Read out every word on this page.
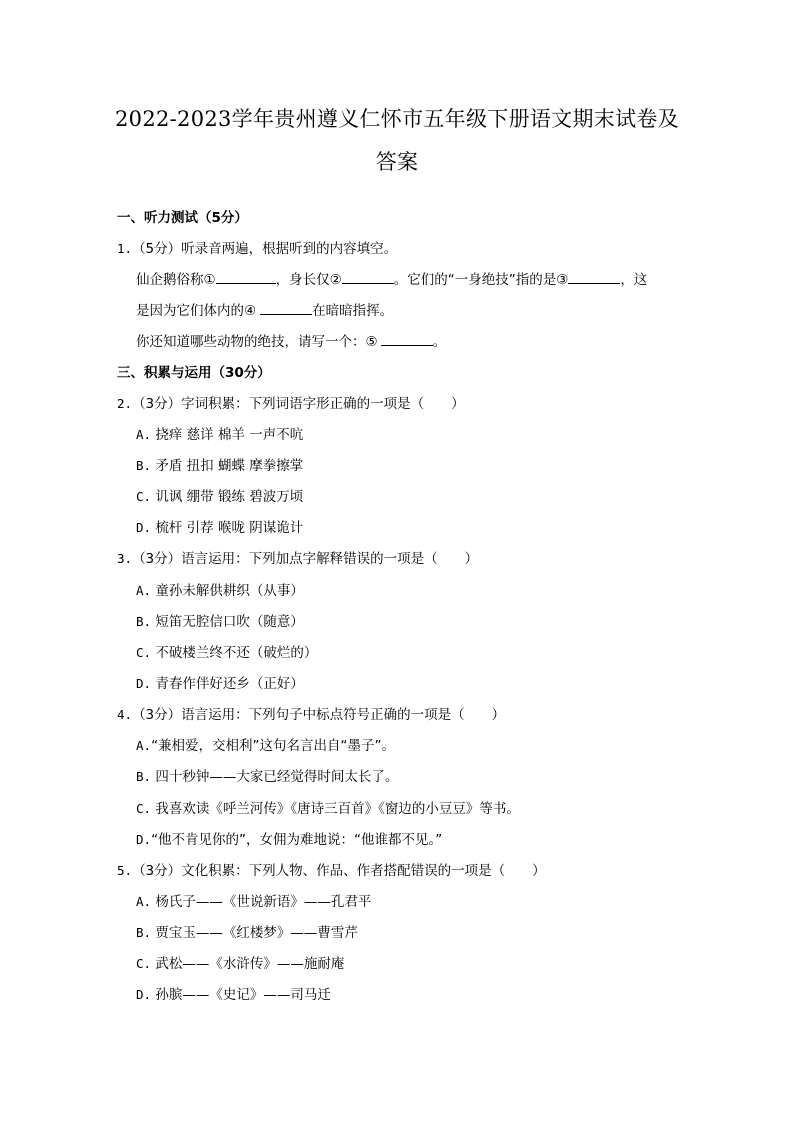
2022-2023学年贵州遵义仁怀市五年级下册语文期末试卷及
答案
一、听力测试（5分）
1.（5分）听录音两遍，根据听到的内容填空。
仙企鹅俗称①	，身长仅②	。它们的“一身绝技”指的是③	，这
是因为它们体内的④	在暗暗指挥。
你还知道哪些动物的绝技，请写一个：⑤	。
三、积累与运用（30分）
2.（3分）字词积累：下列词语字形正确的一项是（　　）
A. 挠痒 慈详 棉羊 一声不吭
B. 矛盾 扭扣 蝴蝶 摩拳擦掌
C. 讥讽 绷带 锻练 碧波万顷
D. 梳杆 引荐 喉咙 阴谋诡计
3.（3分）语言运用：下列加点字解释错误的一项是（　　）
A. 童孙未解供耕织（从事）
B. 短笛无腔信口吹（随意）
C. 不破楼兰终不还（破烂的）
D. 青春作伴好还乡（正好）
4.（3分）语言运用：下列句子中标点符号正确的一项是（　　）
A.“兼相爱，交相利”这句名言出自“墨子”。
B. 四十秒钟——大家已经觉得时间太长了。
C. 我喜欢读《呼兰河传》《唐诗三百首》《窗边的小豆豆》等书。
D.“他不肯见你的”，女佣为难地说：“他谁都不见。”
5.（3分）文化积累：下列人物、作品、作者搭配错误的一项是（　　）
A. 杨氏子——《世说新语》——孔君平
B. 贾宝玉——《红楼梦》——曹雪芹
C. 武松——《水浒传》——施耐庵
D. 孙膑——《史记》——司马迁
